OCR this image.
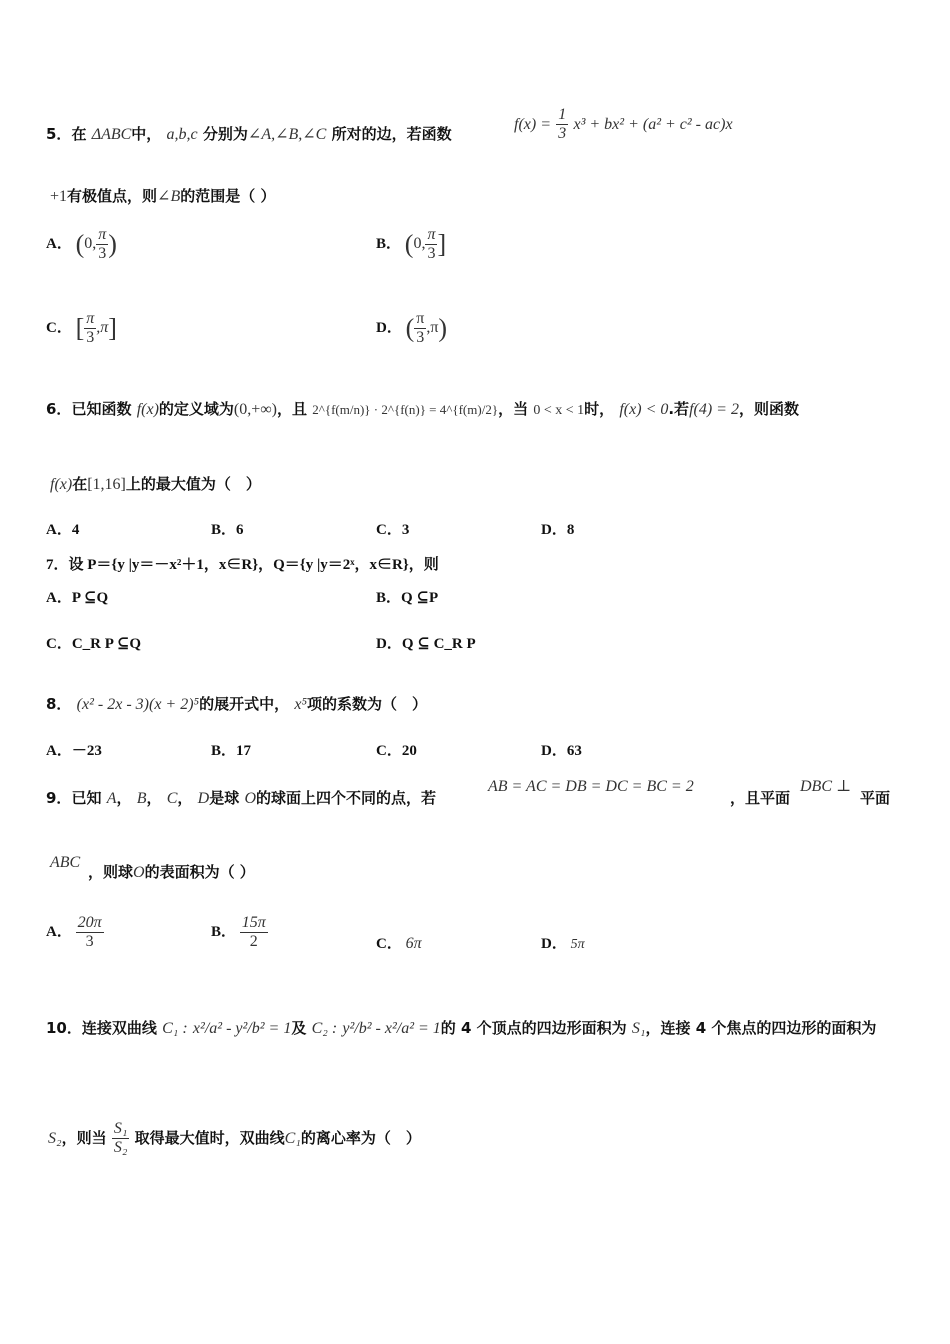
5．在 ΔABC中， a,b,c 分别为∠A,∠B,∠C 所对的边，若函数
$f(x) = \frac{1}{3} x^3 + bx^2 + (a^2 + c^2 - ac)x$
+1有极值点，则∠B的范围是（ ）
A． (0, $\frac{\pi}{3}$ )	B． (0, $\frac{\pi}{3}$ ]
C． [ $\frac{\pi}{3} ,\pi$]	D． ( $\frac{\pi}{3} ,\pi$)
6．已知函数 f(x)的定义域为(0,+∞)，且 2^{f(m/n)} · 2^{f(n)} = 4^{f(m)/2}，当 0 < x < 1时， f(x) < 0.若f(4) = 2，则函数
f(x)在[1,16]上的最大值为（　）
A．4	B．6	C．3	D．8
7．设 P＝{y |y＝－x²＋1，x∈R}，Q＝{y |y＝2ˣ，x∈R}，则
A．P ⊆Q	B．Q ⊆P
C．C_R P ⊆Q	D．Q ⊆ C_R P
8． (x² - 2x - 3)(x + 2)⁵的展开式中， x⁵项的系数为（　）
A．－23	B．17	C．20	D．63
9．已知 A， B， C， D是球 O的球面上四个不同的点，若
AB = AC = DB = DC = BC = 2
，且平面
DBC ⊥
平面
ABC
，则球O的表面积为（ ）
A． $\frac{20\pi}{3}$	B． $\frac{15\pi}{2}$	C． 6π	D． 5π
10．连接双曲线 C₁ : x²/a² - y²/b² = 1及 C₂ : y²/b² - x²/a² = 1的 4 个顶点的四边形面积为 S₁，连接 4 个焦点的四边形的面积为
S₂，则当 $\frac{\text{S₁}}{\text{S₂}}$ 取得最大值时，双曲线C₁的离心率为（　）
